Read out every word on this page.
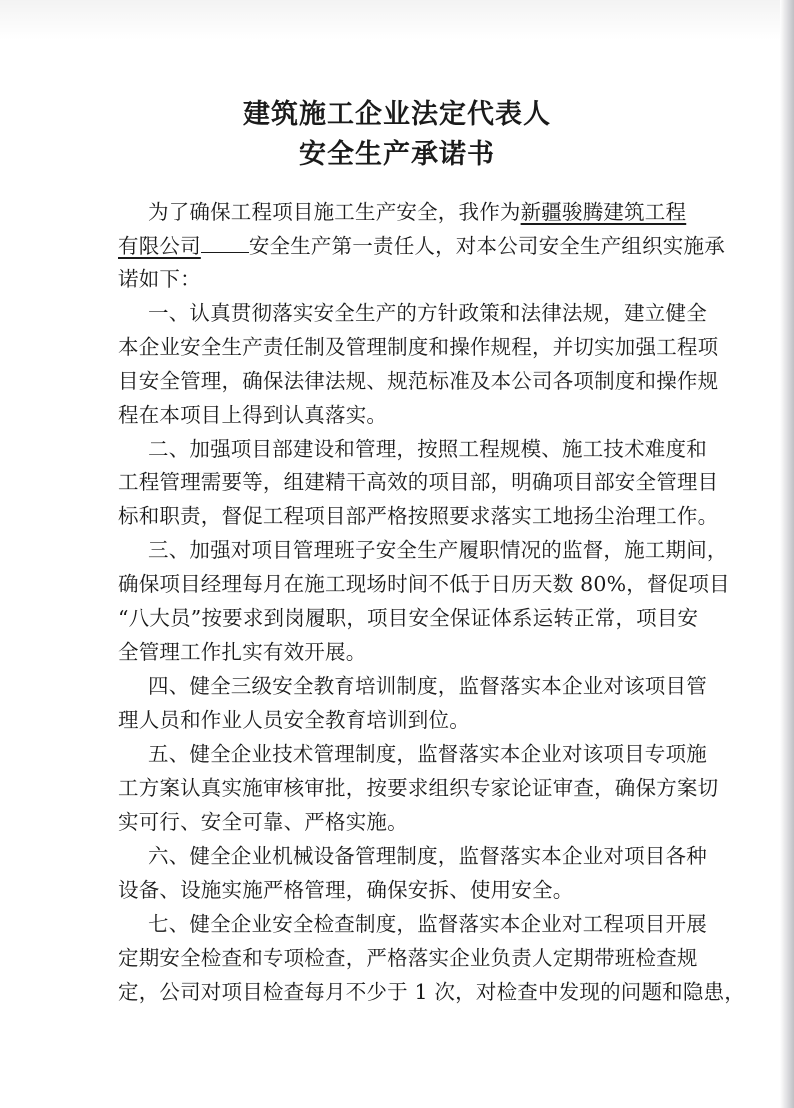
建筑施工企业法定代表人
安全生产承诺书
为了确保工程项目施工生产安全，我作为新疆骏腾建筑工程
有限公司 安全生产第一责任人，对本公司安全生产组织实施承
诺如下：
一、认真贯彻落实安全生产的方针政策和法律法规，建立健全
本企业安全生产责任制及管理制度和操作规程，并切实加强工程项
目安全管理，确保法律法规、规范标准及本公司各项制度和操作规
程在本项目上得到认真落实。
二、加强项目部建设和管理，按照工程规模、施工技术难度和
工程管理需要等，组建精干高效的项目部，明确项目部安全管理目
标和职责，督促工程项目部严格按照要求落实工地扬尘治理工作。
三、加强对项目管理班子安全生产履职情况的监督，施工期间，
确保项目经理每月在施工现场时间不低于日历天数 80%，督促项目
“八大员”按要求到岗履职，项目安全保证体系运转正常，项目安
全管理工作扎实有效开展。
四、健全三级安全教育培训制度，监督落实本企业对该项目管
理人员和作业人员安全教育培训到位。
五、健全企业技术管理制度，监督落实本企业对该项目专项施
工方案认真实施审核审批，按要求组织专家论证审查，确保方案切
实可行、安全可靠、严格实施。
六、健全企业机械设备管理制度，监督落实本企业对项目各种
设备、设施实施严格管理，确保安拆、使用安全。
七、健全企业安全检查制度，监督落实本企业对工程项目开展
定期安全检查和专项检查，严格落实企业负责人定期带班检查规
定，公司对项目检查每月不少于 1 次，对检查中发现的问题和隐患，
